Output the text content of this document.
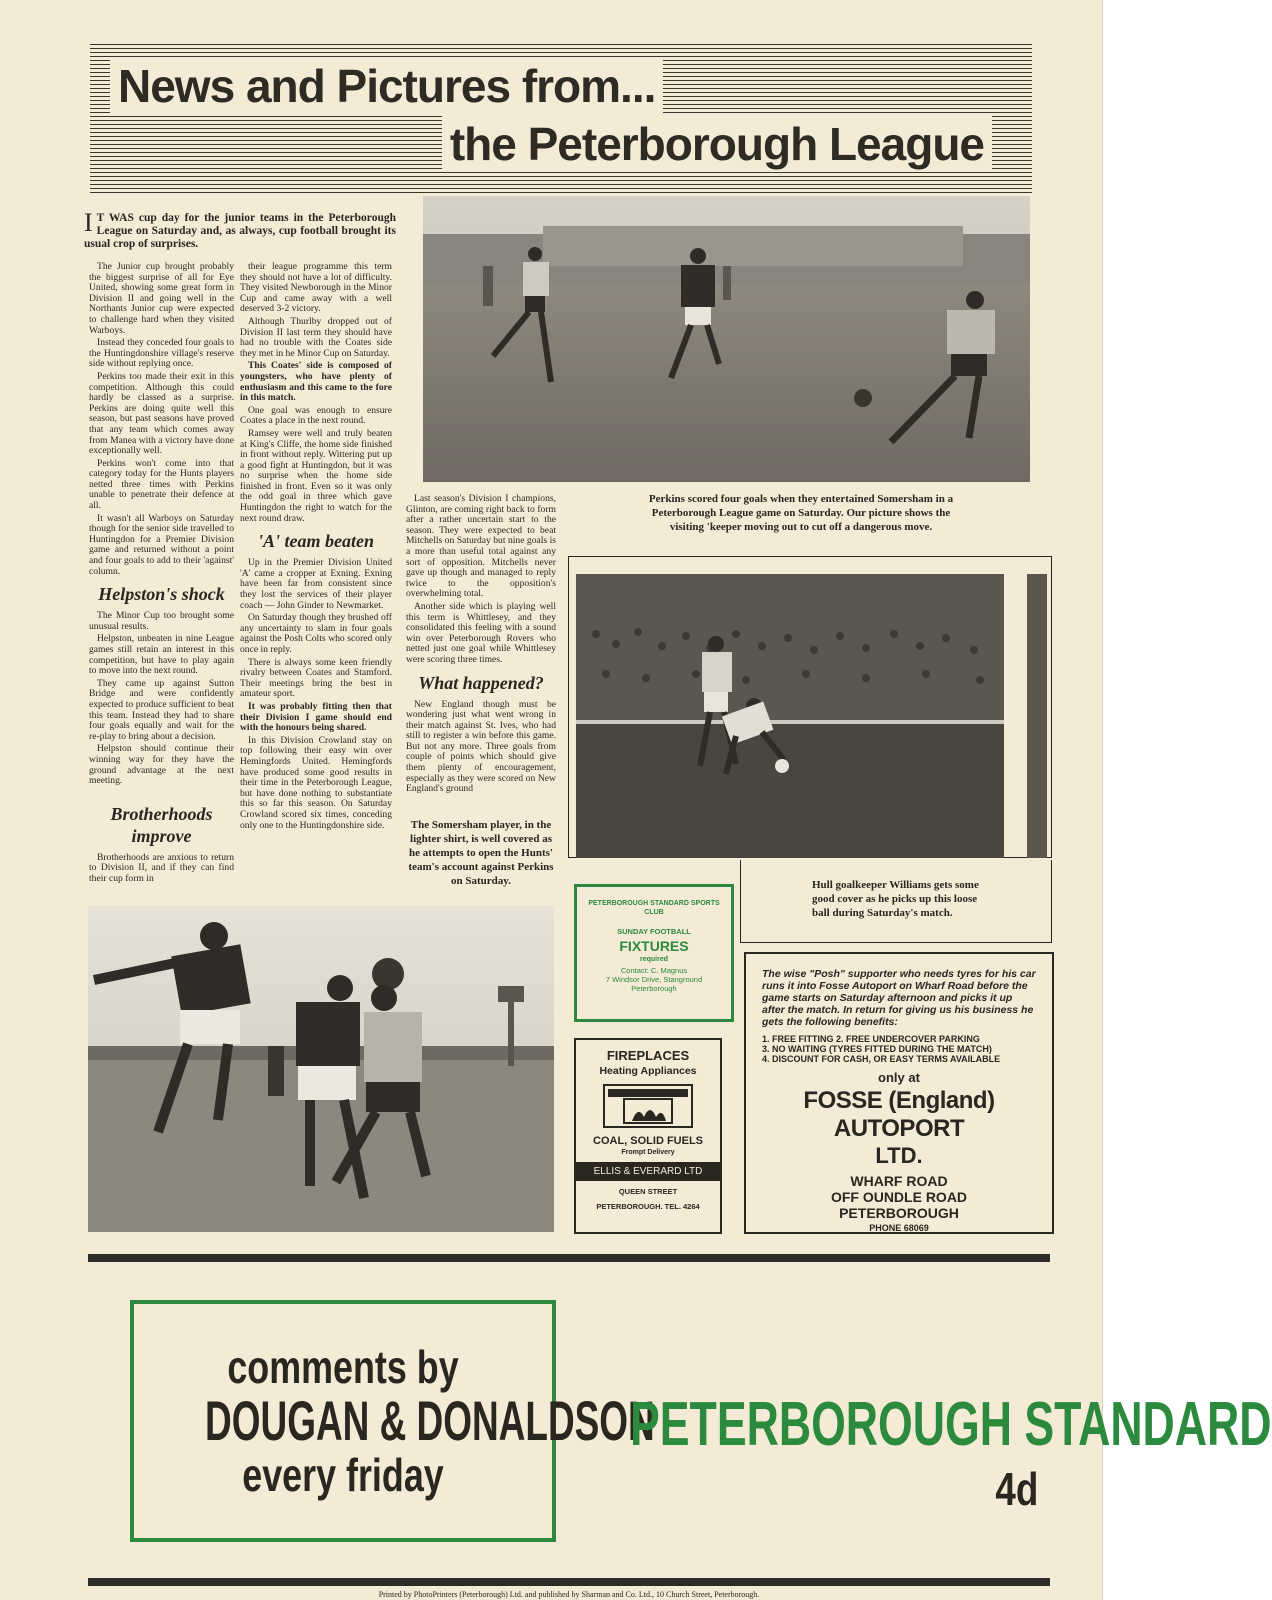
News and Pictures from...
the Peterborough League
I T WAS cup day for the junior teams in the Peterborough League on Saturday and, as always, cup football brought its usual crop of surprises.

The Junior cup brought probably the biggest surprise of all for Eye United, showing some great form in Division II and going well in the Northants Junior cup were expected to challenge hard when they visited Warboys.

Instead they conceded four goals to the Huntingdonshire village's reserve side without replying once.

Perkins too made their exit in this competition. Although this could hardly be classed as a surprise. Perkins are doing quite well this season, but past seasons have proved that any team which comes away from Manea with a victory have done exceptionally well.

Perkins won't come into that category today for the Hunts players netted three times with Perkins unable to penetrate their defence at all.

It wasn't all Warboys on Saturday though for the senior side travelled to Huntingdon for a Premier Division game and returned without a point and four goals to add to their 'against' column.

Helpston's shock

The Minor Cup too brought some unusual results.

Helpston, unbeaten in nine League games still retain an interest in this competition, but have to play again to move into the next round.

They came up against Sutton Bridge and were confidently expected to produce sufficient to beat this team. Instead they had to share four goals equally and wait for the re-play to bring about a decision.

Helpston should continue their winning way for they have the ground advantage at the next meeting.

Brotherhoods
improve

Brotherhoods are anxious to return to Division II, and if they can find their cup form in

their league programme this term they should not have a lot of difficulty. They visited Newborough in the Minor Cup and came away with a well deserved 3-2 victory.

Although Thurlby dropped out of Division II last term they should have had no trouble with the Coates side they met in he Minor Cup on Saturday.

This Coates' side is composed of youngsters, who have plenty of enthusiasm and this came to the fore in this match.

One goal was enough to ensure Coates a place in the next round.

Ramsey were well and truly beaten at King's Cliffe, the home side finished in front without reply. Wittering put up a good fight at Huntingdon, but it was no surprise when the home side finished in front. Even so it was only the odd goal in three which gave Huntingdon the right to watch for the next round draw.

'A' team beaten

Up in the Premier Division United 'A' came a cropper at Exning. Exning have been far from consistent since they lost the services of their player coach — John Ginder to Newmarket.

On Saturday though they brushed off any uncertainty to slam in four goals against the Posh Colts who scored only once in reply.

There is always some keen friendly rivalry between Coates and Stamford. Their meetings bring the best in amateur sport.

It was probably fitting then that their Division I game should end with the honours being shared.

In this Division Crowland stay on top following their easy win over Hemingfords United. Hemingfords have produced some good results in their time in the Peterborough League, but have done nothing to substantiate this so far this season. On Saturday Crowland scored six times, conceding only one to the Huntingdonshire side.

Last season's Division I champions, Glinton, are coming right back to form after a rather uncertain start to the season. They were expected to beat Mitchells on Saturday but nine goals is a more than useful total against any sort of opposition. Mitchells never gave up though and managed to reply twice to the opposition's overwhelming total.

Another side which is playing well this term is Whittlesey, and they consolidated this feeling with a sound win over Peterborough Rovers who netted just one goal while Whittlesey were scoring three times.

What happened?

New England though must be wondering just what went wrong in their match against St. Ives, who had still to register a win before this game. But not any more. Three goals from couple of points which should give them plenty of encouragement, especially as they were scored on New England's ground

The Somersham player, in the lighter shirt, is well covered as he attempts to open the Hunts' team's account against Perkins on Saturday.
Perkins scored four goals when they entertained Somersham in a Peterborough League game on Saturday. Our picture shows the visiting 'keeper moving out to cut off a dangerous move.
Hull goalkeeper Williams gets some good cover as he picks up this loose ball during Saturday's match.
PETERBOROUGH STANDARD SPORTS CLUB
SUNDAY FOOTBALL
FIXTURES
required
Contact: C. Magnus
7 Windsor Drive, Stanground
Peterborough
FIREPLACES
Heating Appliances
COAL, SOLID FUELS
Frompt Delivery
ELLIS & EVERARD LTD
QUEEN STREET
PETERBOROUGH. TEL. 4264
The wise "Posh" supporter who needs tyres for his car runs it into Fosse Autoport on Wharf Road before the game starts on Saturday afternoon and picks it up after the match. In return for giving us his business he gets the following benefits:
1. FREE FITTING 2. FREE UNDERCOVER PARKING
3. NO WAITING (TYRES FITTED DURING THE MATCH)
4. DISCOUNT FOR CASH, OR EASY TERMS AVAILABLE
only at
FOSSE (England) AUTOPORT
LTD.
WHARF ROAD
OFF OUNDLE ROAD
PETERBOROUGH
PHONE 68069
comments by
DOUGAN & DONALDSON
every friday
PETERBOROUGH STANDARD
4d
Printed by PhotoPrinters (Peterborough) Ltd. and published by Sharman and Co. Ltd., 10 Church Street, Peterborough.
